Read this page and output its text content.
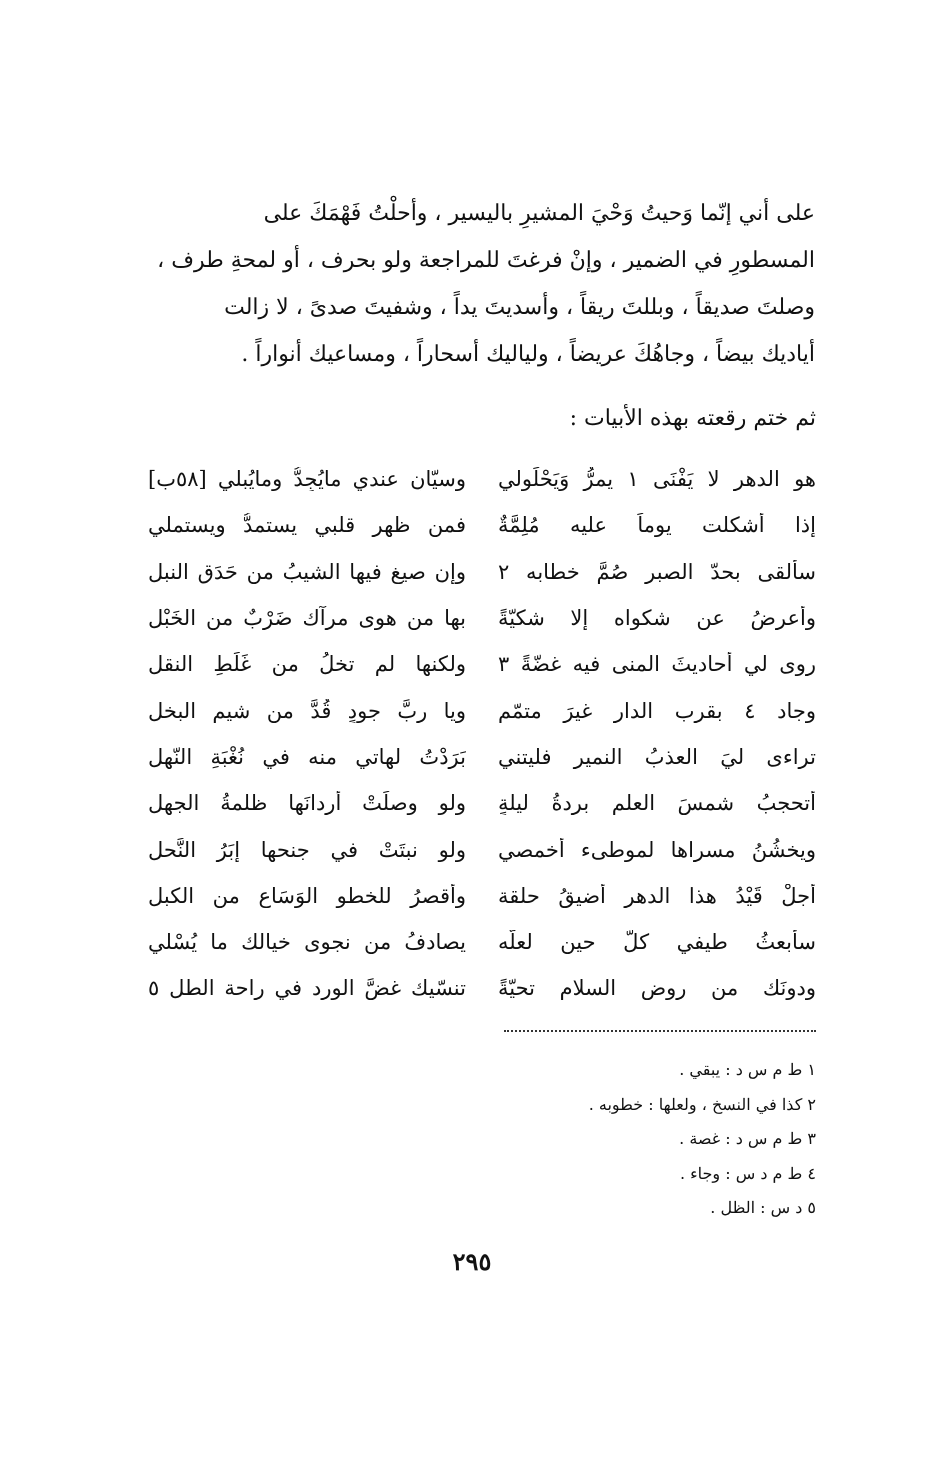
على أني إنّما وَحيتُ وَحْيَ المشيرِ باليسير ، وأحلْتُ فَهْمَكَ على
المسطورِ في الضمير ، وإنْ فرغتَ للمراجعة ولو بحرف ، أو لمحةِ طرف ،
وصلتَ صديقاً ، وبللتَ ريقاً ، وأسديتَ يداً ، وشفيتَ صدىً ، لا زالت
أياديك بيضاً ، وجاهُكَ عريضاً ، ولياليك أسحاراً ، ومساعيك أنواراً .
ثم ختم رقعته بهذه الأبيات :
هو الدهر لا يَفْنَى ١ يمرُّ وَيَحْلَولي
وسيّانِ عندي مايُجِدُّ ومايُبلي [٥٨ب]
إذا أشكلت يوماً عليه مُلِمَّةٌ
فمن ظهر قلبي يستمدُّ ويستملي
سألقى بحدّ الصبر صُمَّ خطابه ٢
وإن صيغ فيها الشيبُ من حَدَقِ النبل
وأعرضُ عن شكواه إلا شكيّةً
بها من هوى مرآك ضَرْبٌ من الخَبْل
روى لي أحاديثَ المنى فيه غضّةً ٣
ولكنها لم تخلُ من غَلَطِ النقل
وجاد ٤ بقرب الدار غيرَ متمّمٍ
ويا ربَّ جودٍ قُدَّ من شيم البخل
تراءى ليَ العذبُ النمير فليتني
بَرَدْتُ لهاتي منه في نُغْبَةِ النّهل
أتحجبُ شمسَ العلم بردةُ ليلةٍ
ولو وصلَتْ أردانَها ظلمةُ الجهل
ويخشُنُ مسراها لموطىء أخمصي
ولو نبتَتْ في جنحها إبَرُ النَّحل
أجلْ قَيْدُ هذا الدهر أضيقُ حلقة
وأقصرُ للخطو الوَسَاع من الكبل
سأبعثُ طيفي كلَّ حينٍ لعلّه
يصادفُ من نجوى خيالك ما يُسْلي
ودونَك من روض السلام تحيّةً
تنسّيك غضَّ الورد في راحة الطل ٥
١ ط م س د : يبقي .
٢ كذا في النسخ ، ولعلها : خطوبه .
٣ ط م س د : غصة .
٤ ط م د س : وجاء .
٥ د س : الظل .
٢٩٥
